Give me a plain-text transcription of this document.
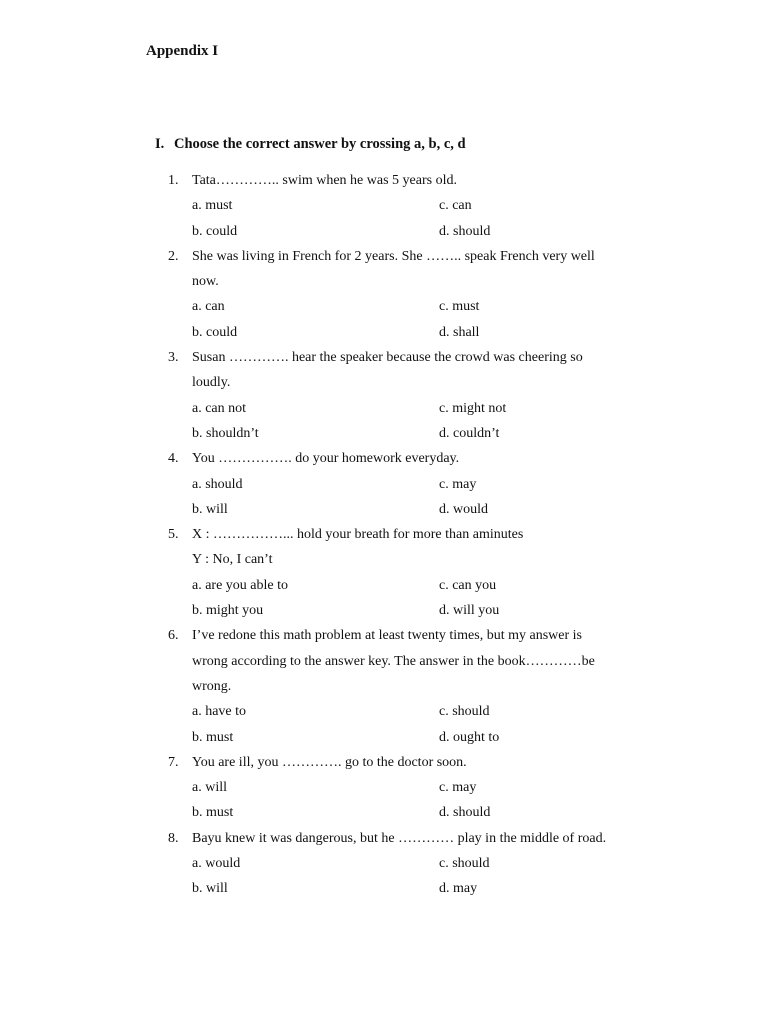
Appendix I
I. Choose the correct answer by crossing a, b, c, d
1. Tata………….. swim when he was 5 years old.
a. must	c. can
b. could	d. should
2. She was living in French for 2 years. She …….. speak French very well
now.
a. can	c. must
b. could	d. shall
3. Susan …………. hear the speaker because the crowd was cheering so
loudly.
a. can not	c. might not
b. shouldn’t	d. couldn’t
4. You ……………. do your homework everyday.
a. should	c. may
b. will	d. would
5. X : ……………... hold your breath for more than aminutes
Y : No, I can’t
a. are you able to	c. can you
b. might you	d. will you
6. I’ve redone this math problem at least twenty times, but my answer is
wrong according to the answer key. The answer in the book…………be
wrong.
a. have to	c. should
b. must	d. ought to
7. You are ill, you …………. go to the doctor soon.
a. will	c. may
b. must	d. should
8. Bayu knew it was dangerous, but he ………… play in the middle of road.
a. would	c. should
b. will	d. may
